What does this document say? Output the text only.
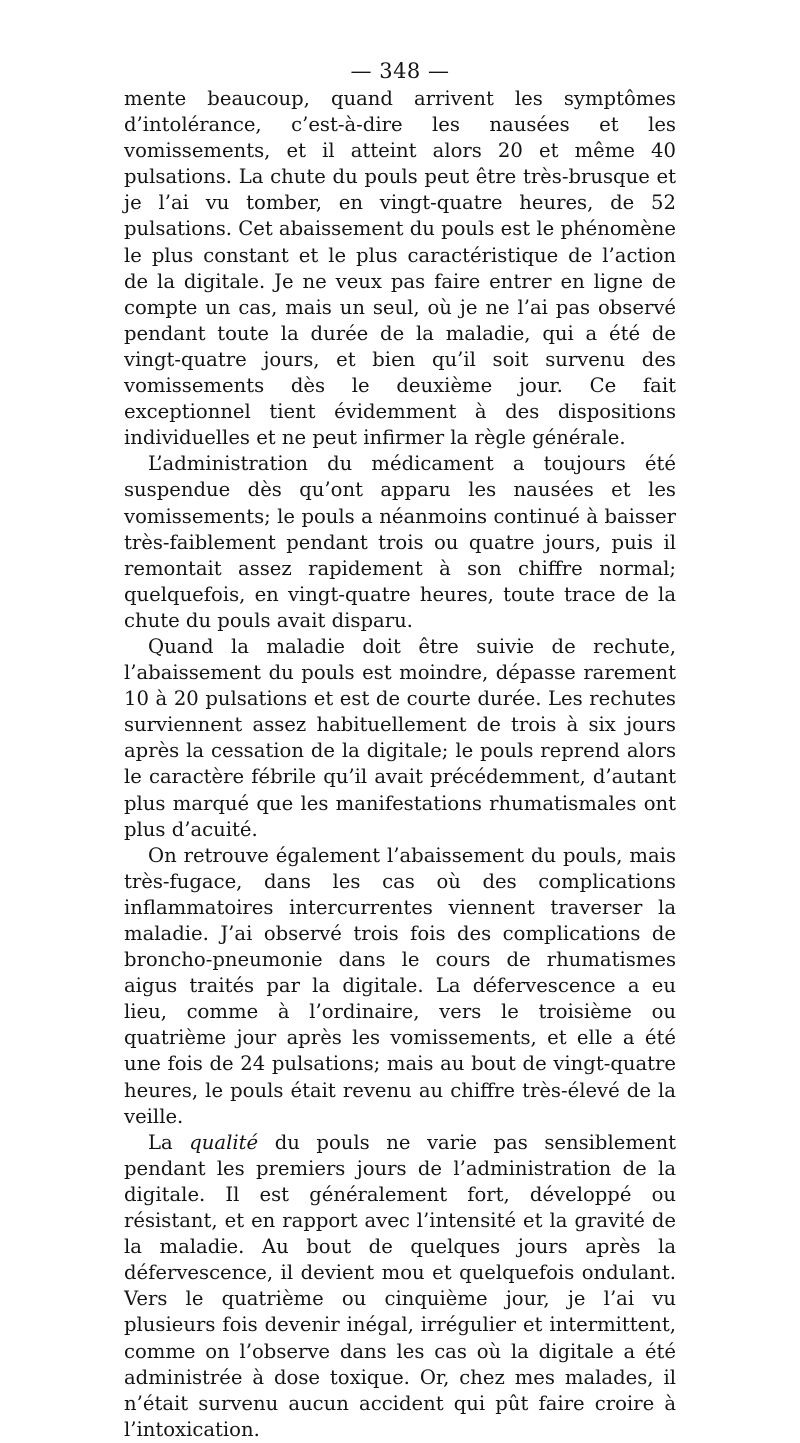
— 348 —

mente beaucoup, quand arrivent les symptômes d’intolérance, c’est-à-dire les nausées et les vomissements, et il atteint alors 20 et même 40 pulsations. La chute du pouls peut être très-brusque et je l’ai vu tomber, en vingt-quatre heures, de 52 pulsations. Cet abaissement du pouls est le phénomène le plus constant et le plus caractéristique de l’action de la digitale. Je ne veux pas faire entrer en ligne de compte un cas, mais un seul, où je ne l’ai pas observé pendant toute la durée de la maladie, qui a été de vingt-quatre jours, et bien qu’il soit survenu des vomissements dès le deuxième jour. Ce fait exceptionnel tient évidemment à des dispositions individuelles et ne peut infirmer la règle générale.

L’administration du médicament a toujours été suspendue dès qu’ont apparu les nausées et les vomissements; le pouls a néanmoins continué à baisser très-faiblement pendant trois ou quatre jours, puis il remontait assez rapidement à son chiffre normal; quelquefois, en vingt-quatre heures, toute trace de la chute du pouls avait disparu.

Quand la maladie doit être suivie de rechute, l’abaissement du pouls est moindre, dépasse rarement 10 à 20 pulsations et est de courte durée. Les rechutes surviennent assez habituellement de trois à six jours après la cessation de la digitale; le pouls reprend alors le caractère fébrile qu’il avait précédemment, d’autant plus marqué que les manifestations rhumatismales ont plus d’acuité.

On retrouve également l’abaissement du pouls, mais très-fugace, dans les cas où des complications inflammatoires intercurrentes viennent traverser la maladie. J’ai observé trois fois des complications de broncho-pneumonie dans le cours de rhumatismes aigus traités par la digitale. La défervescence a eu lieu, comme à l’ordinaire, vers le troisième ou quatrième jour après les vomissements, et elle a été une fois de 24 pulsations; mais au bout de vingt-quatre heures, le pouls était revenu au chiffre très-élevé de la veille.

La qualité du pouls ne varie pas sensiblement pendant les premiers jours de l’administration de la digitale. Il est généralement fort, développé ou résistant, et en rapport avec l’intensité et la gravité de la maladie. Au bout de quelques jours après la défervescence, il devient mou et quelquefois ondulant. Vers le quatrième ou cinquième jour, je l’ai vu plusieurs fois devenir inégal, irrégulier et intermittent, comme on l’observe dans les cas où la digitale a été administrée à dose toxique. Or, chez mes malades, il n’était survenu aucun accident qui pût faire croire à l’intoxication.
